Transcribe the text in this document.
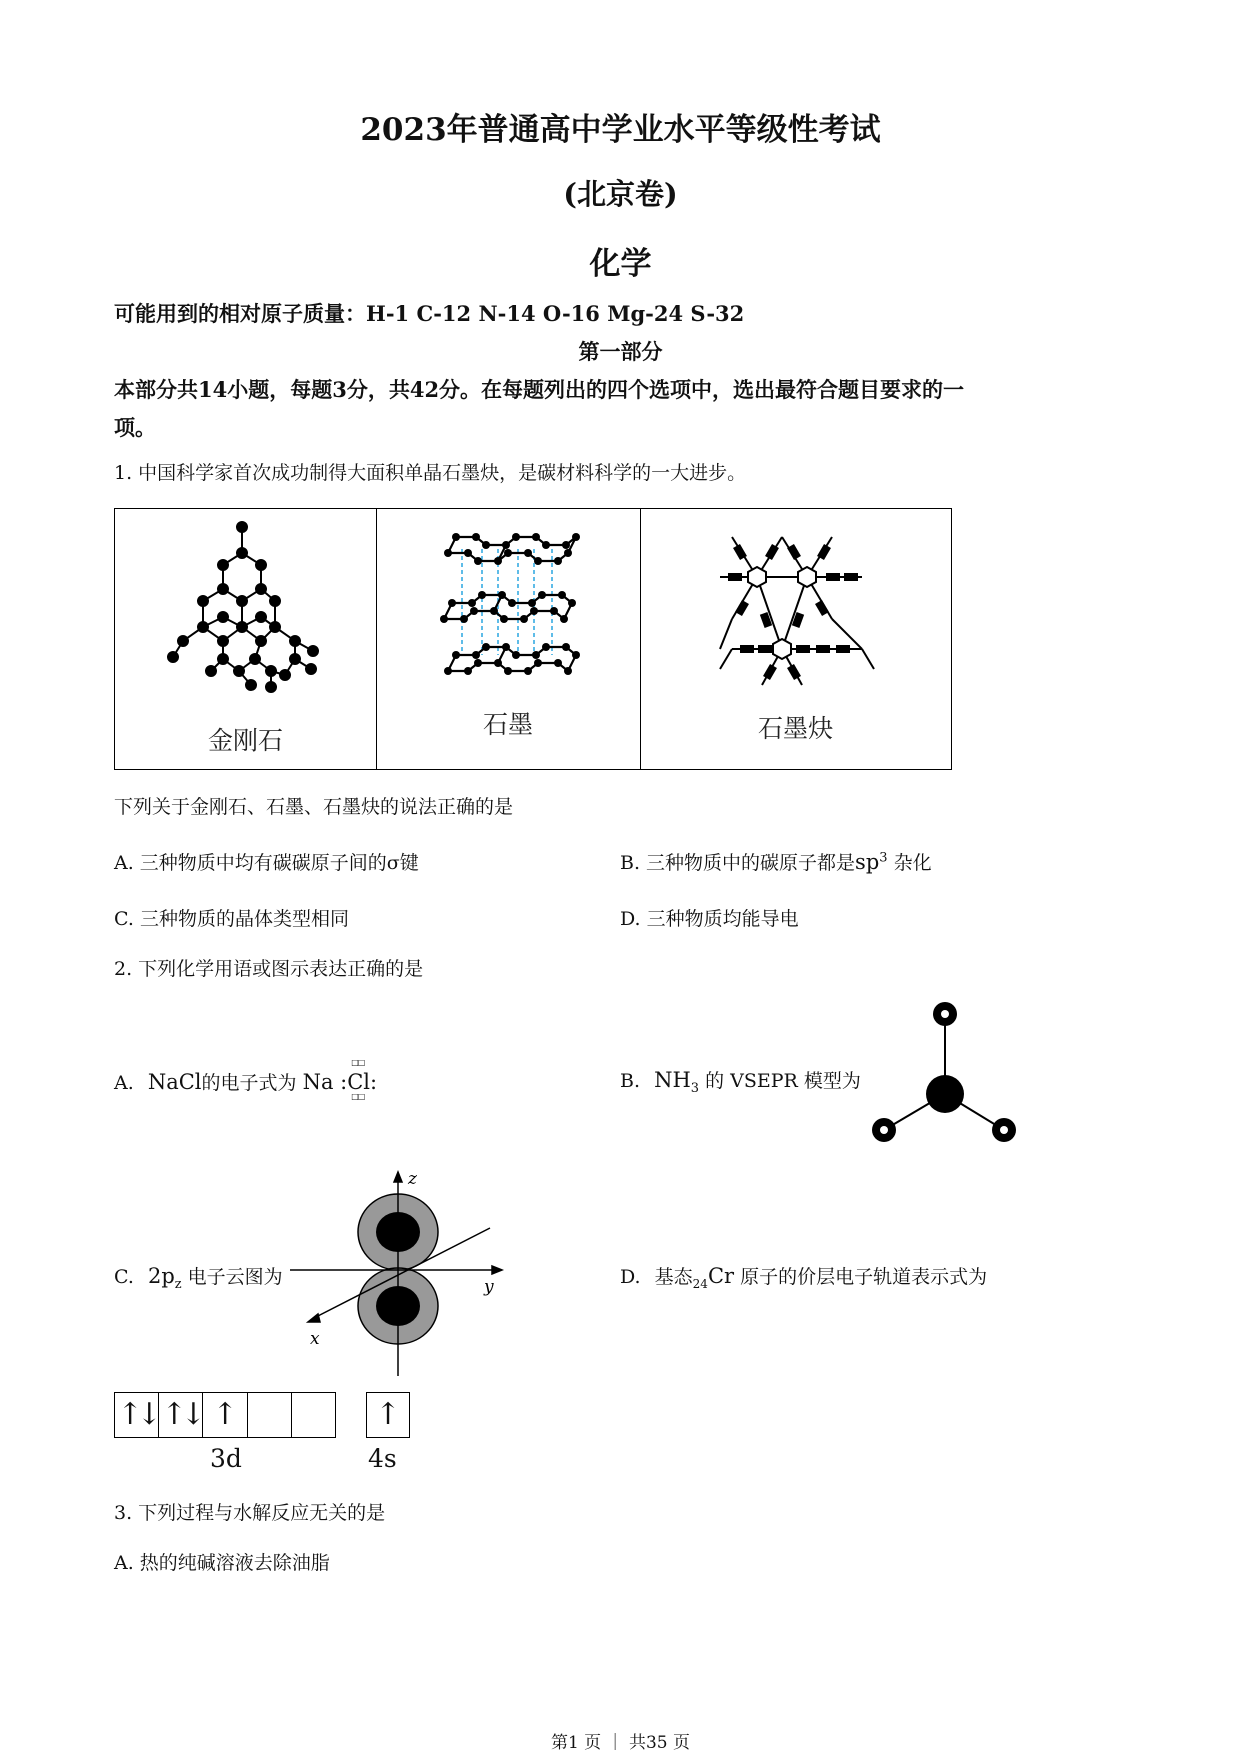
2023年普通高中学业水平等级性考试
(北京卷)
化学
可能用到的相对原子质量：H-1 C-12 N-14 O-16 Mg-24 S-32
第一部分
本部分共14小题，每题3分，共42分。在每题列出的四个选项中，选出最符合题目要求的一
项。
1. 中国科学家首次成功制得大面积单晶石墨炔，是碳材料科学的一大进步。
金刚石
石墨	石墨炔
下列关于金刚石、石墨、石墨炔的说法正确的是
A. 三种物质中均有碳碳原子间的σ键	B. 三种物质中的碳原子都是$sp^3$ 杂化
C. 三种物质的晶体类型相同	D. 三种物质均能导电
2. 下列化学用语或图示表达正确的是
A. NaCl的电子式为 Na :Cl
□□
□□
:	B. $NH_3$ 的 VSEPR 模型为
C. $2p_z$ 电子云图为
z
y
x
D. 基态$_{24}$Cr 原子的价层电子轨道表示式为
↑↓ ↑↓ ↑	↑
3d	4s
3. 下列过程与水解反应无关的是
A. 热的纯碱溶液去除油脂
第1 页 ｜ 共35 页
